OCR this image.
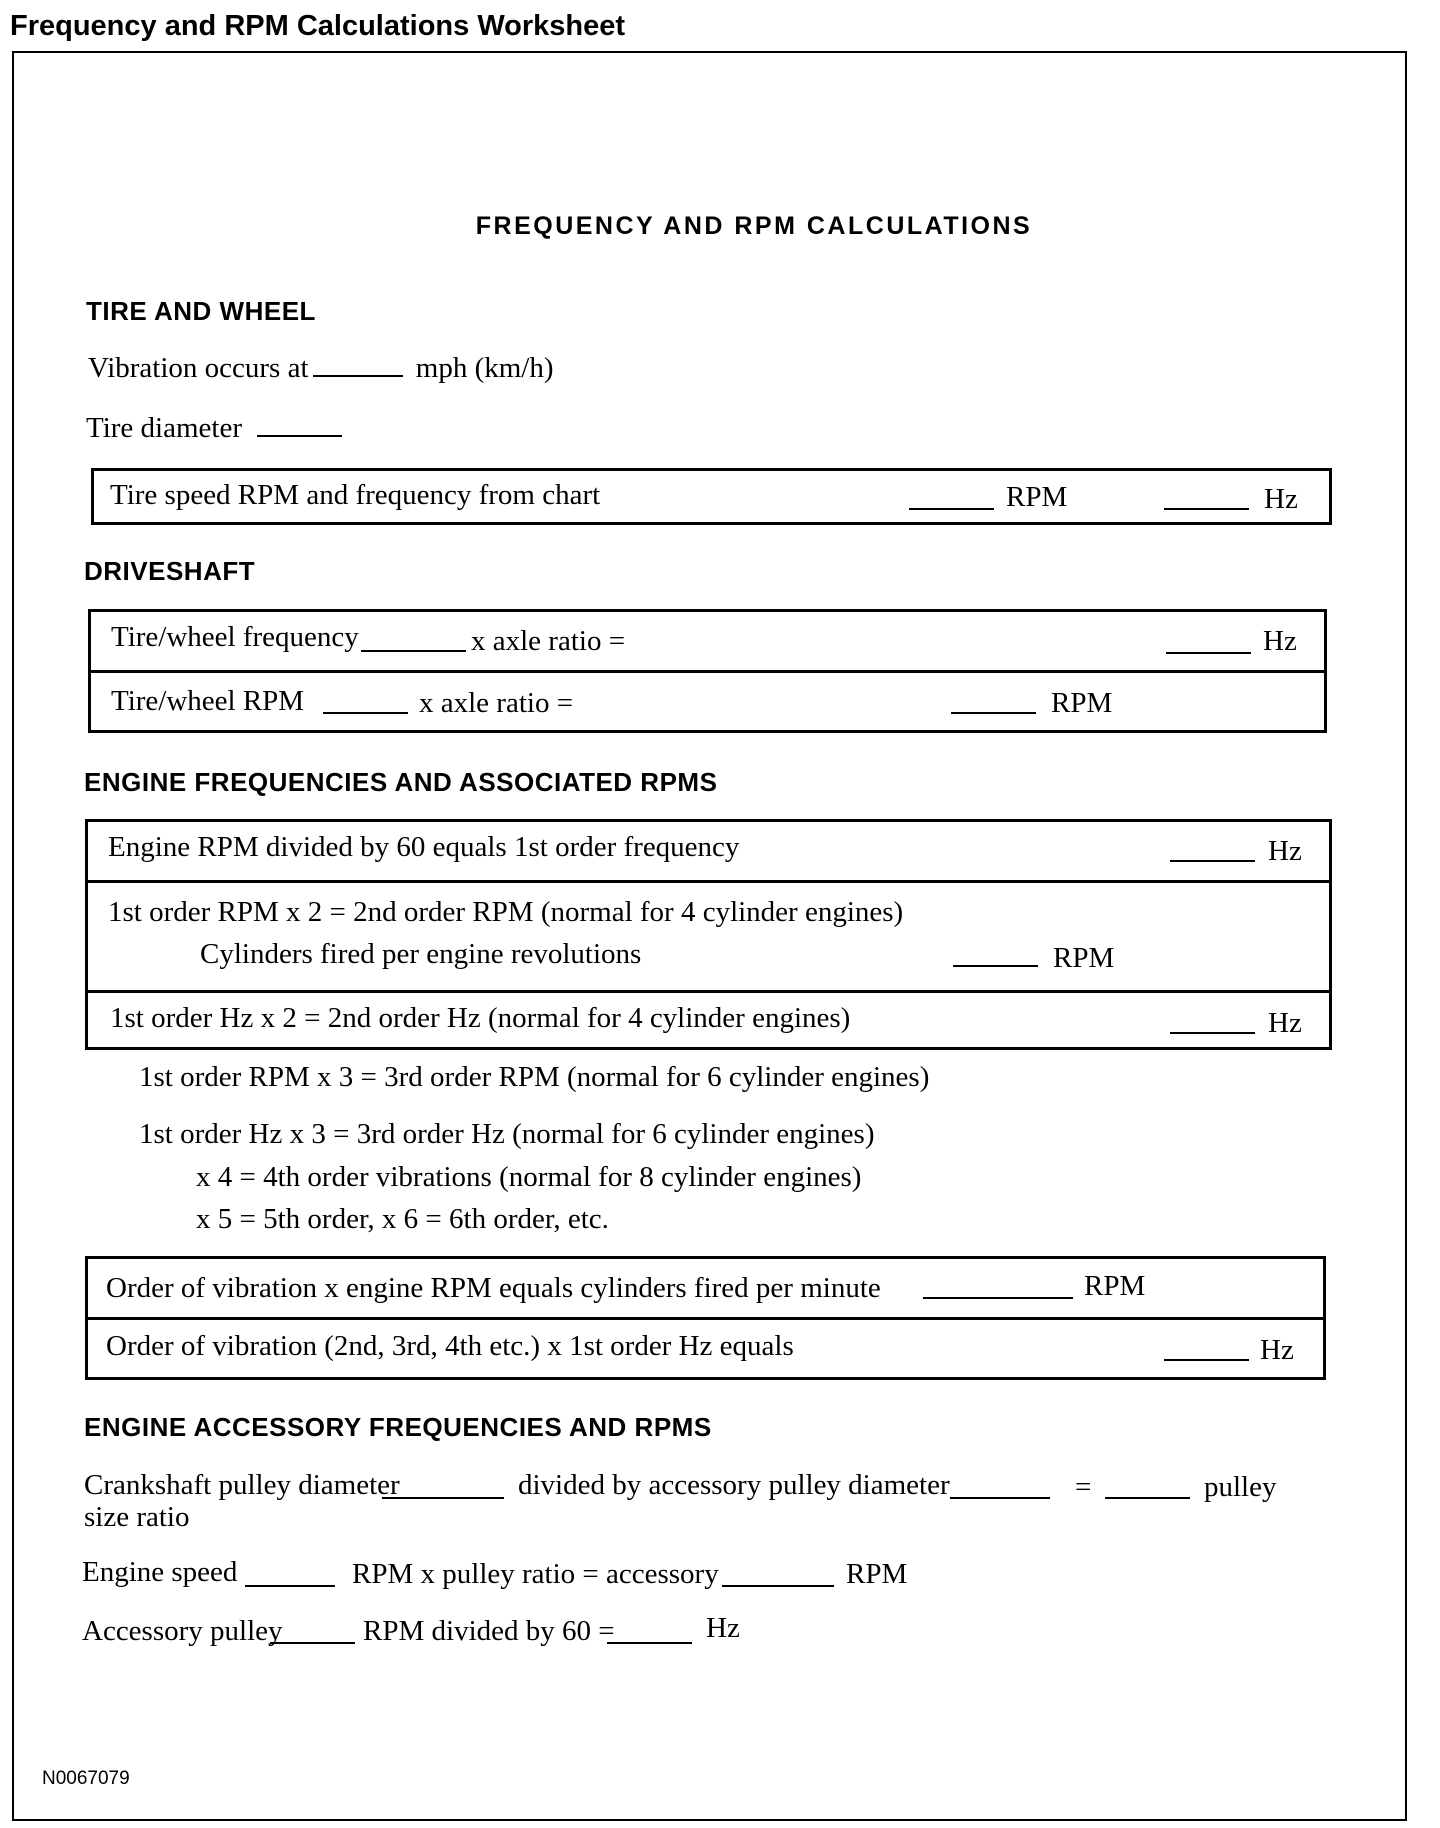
Frequency and RPM Calculations Worksheet
FREQUENCY AND RPM CALCULATIONS
TIRE AND WHEEL
Vibration occurs at	mph (km/h)
Tire diameter
Tire speed RPM and frequency from chart	RPM	Hz
DRIVESHAFT
Tire/wheel frequency	x axle ratio =	Hz
Tire/wheel RPM	x axle ratio =	RPM
ENGINE FREQUENCIES AND ASSOCIATED RPMS
Engine RPM divided by 60 equals 1st order frequency	Hz
1st order RPM x 2 = 2nd order RPM (normal for 4 cylinder engines)
Cylinders fired per engine revolutions	RPM
1st order Hz x 2 = 2nd order Hz (normal for 4 cylinder engines)	Hz
1st order RPM x 3 = 3rd order RPM (normal for 6 cylinder engines)
1st order Hz x 3 = 3rd order Hz (normal for 6 cylinder engines)
x 4 = 4th order vibrations (normal for 8 cylinder engines)
x 5 = 5th order, x 6 = 6th order, etc.
Order of vibration x engine RPM equals cylinders fired per minute	RPM
Order of vibration (2nd, 3rd, 4th etc.) x 1st order Hz equals	Hz
ENGINE ACCESSORY FREQUENCIES AND RPMS
Crankshaft pulley diameter	divided by accessory pulley diameter	=	pulley
size ratio
Engine speed	RPM x pulley ratio = accessory	RPM
Accessory pulley	RPM divided by 60 =	Hz
N0067079
